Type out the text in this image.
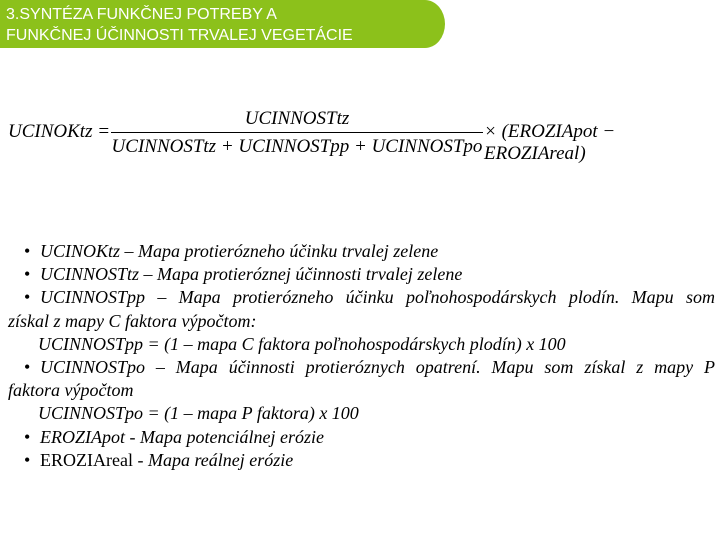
3.SYNTÉZA FUNKČNEJ POTREBY A
FUNKČNEJ ÚČINNOSTI TRVALEJ VEGETÁCIE
UCINOKtz =
UCINNOSTtz
UCINNOSTtz + UCINNOSTpp + UCINNOSTpo
× (EROZIApot − EROZIAreal)
• UCINOKtz – Mapa protierózneho účinku trvalej zelene
• UCINNOSTtz – Mapa protieróznej účinnosti trvalej zelene
• UCINNOSTpp – Mapa protierózneho účinku poľnohospodárskych plodín. Mapu som
získal z mapy C faktora výpočtom:
UCINNOSTpp = (1 – mapa C faktora poľnohospodárskych plodín) x 100
• UCINNOSTpo – Mapa účinnosti protieróznych opatrení. Mapu som získal z mapy P
faktora výpočtom
UCINNOSTpo = (1 – mapa P faktora) x 100
• EROZIApot - Mapa potenciálnej erózie
• EROZIAreal - Mapa reálnej erózie
